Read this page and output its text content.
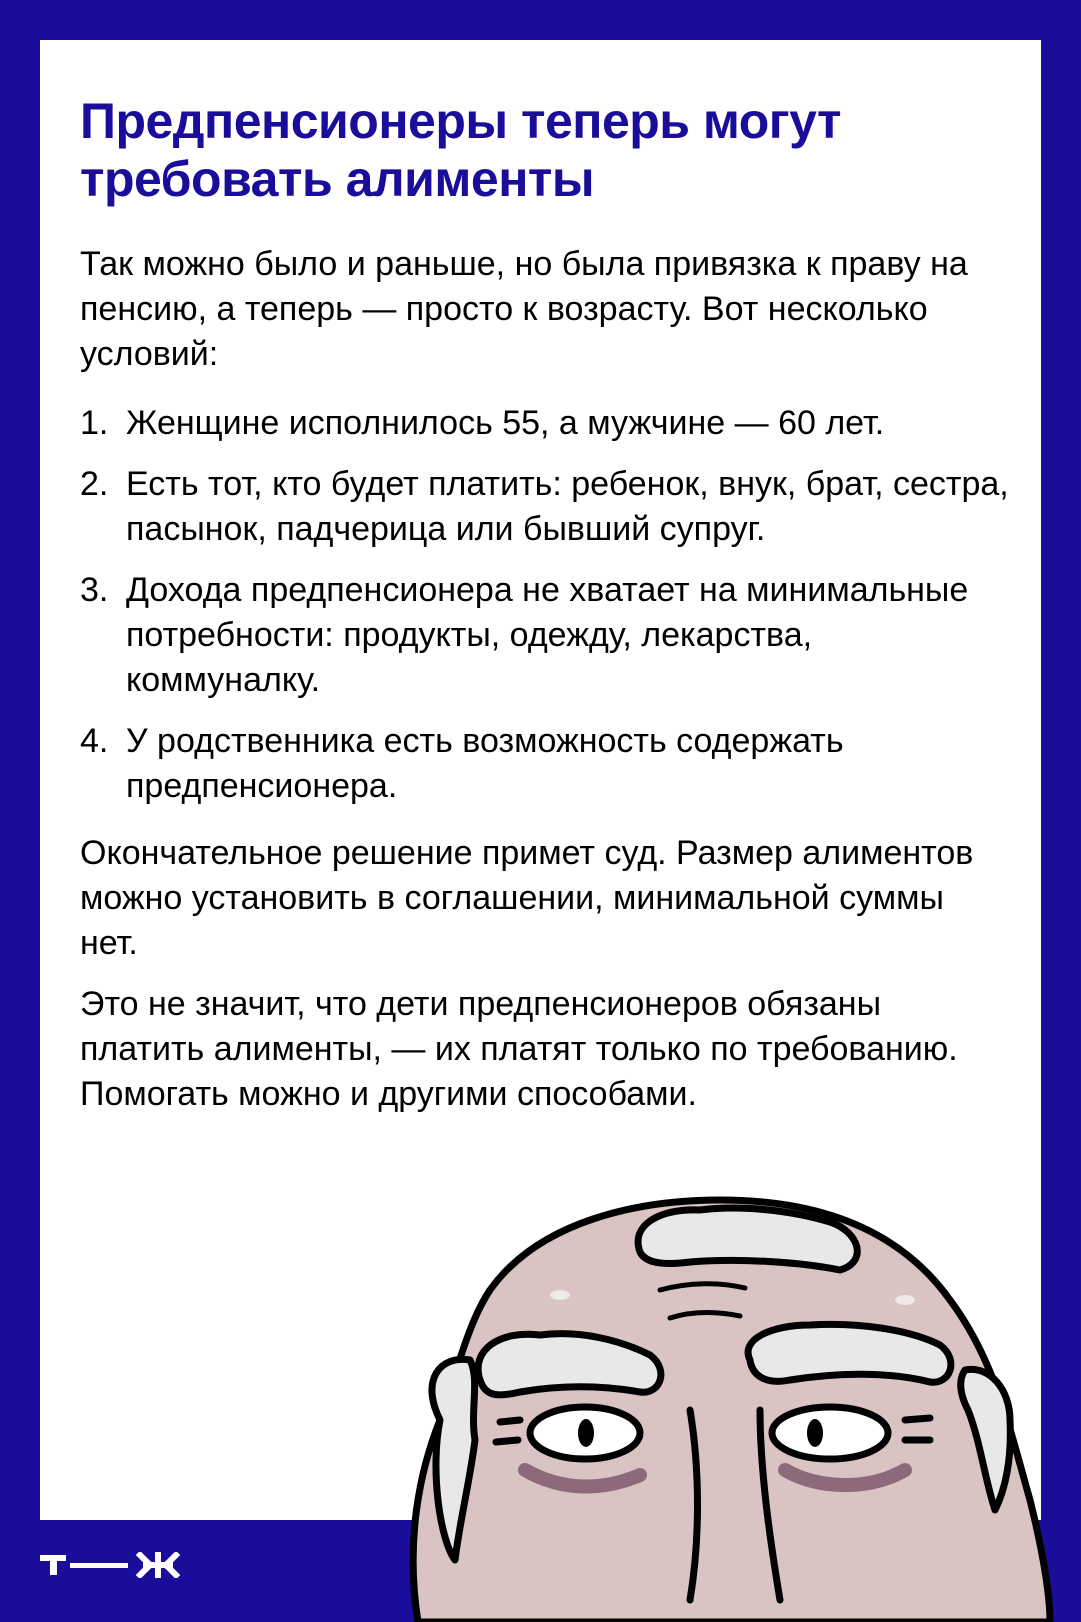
Предпенсионеры теперь могут требовать алименты

Так можно было и раньше, но была привязка к праву на пенсию, а теперь — просто к возрасту. Вот несколько условий:

1. Женщине исполнилось 55, а мужчине — 60 лет.
2. Есть тот, кто будет платить: ребенок, внук, брат, сестра, пасынок, падчерица или бывший супруг.
3. Дохода предпенсионера не хватает на минимальные потребности: продукты, одежду, лекарства, коммуналку.
4. У родственника есть возможность содержать предпенсионера.

Окончательное решение примет суд. Размер алиментов можно установить в соглашении, минимальной суммы нет.

Это не значит, что дети предпенсионеров обязаны платить алименты, — их платят только по требованию. Помогать можно и другими способами.
